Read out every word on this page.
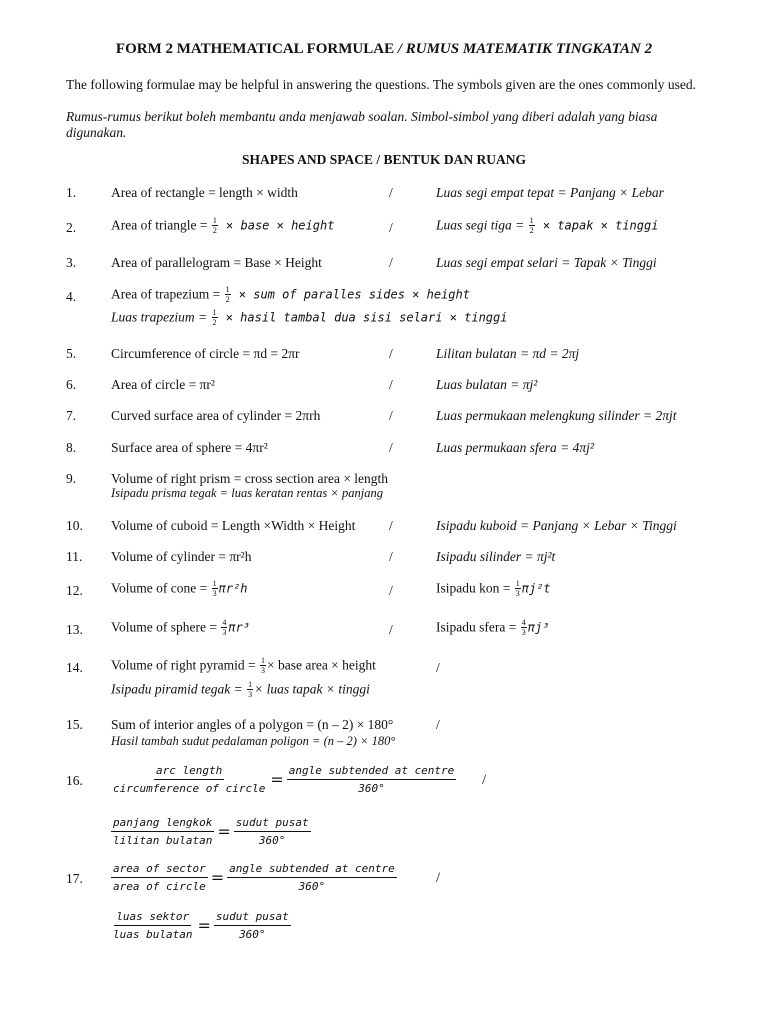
FORM 2 MATHEMATICAL FORMULAE / RUMUS MATEMATIK TINGKATAN 2
The following formulae may be helpful in answering the questions. The symbols given are the ones commonly used.
Rumus-rumus berikut boleh membantu anda menjawab soalan. Simbol-simbol yang diberi adalah yang biasa digunakan.
SHAPES AND SPACE / BENTUK DAN RUANG
1.	Area of rectangle = length × width	/	Luas segi empat tepat = Panjang × Lebar
2.	Area of triangle = $\frac{1}{2}$ × base × height	/	Luas segi tiga = $\frac{1}{2}$ × tapak × tinggi
3.	Area of parallelogram = Base × Height	/	Luas segi empat selari = Tapak × Tinggi
4.	Area of trapezium = $\frac{1}{2}$ × sum of paralles sides × height
Luas trapezium = $\frac{1}{2}$ × hasil tambal dua sisi selari × tinggi
5.	Circumference of circle = πd = 2πr	/	Lilitan bulatan = πd = 2πj
6.	Area of circle = πr²	/	Luas bulatan = πj²
7.	Curved surface area of cylinder = 2πrh	/	Luas permukaan melengkung silinder = 2πjt
8.	Surface area of sphere = 4πr²	/	Luas permukaan sfera = 4πj²
9.	Volume of right prism = cross section area × length
Isipadu prisma tegak = luas keratan rentas × panjang
10. Volume of cuboid = Length ×Width × Height /	Isipadu kuboid = Panjang × Lebar × Tinggi
11. Volume of cylinder = πr²h	/	Isipadu silinder = πj²t
12. Volume of cone = $\frac{1}{3} \pi r^2h$	/	Isipadu kon = $\frac{1}{3} \pi j^2t$
13. Volume of sphere = $\frac{4}{3} \pi r^3$	/	Isipadu sfera = $\frac{4}{3} \pi j^3$
14. Volume of right pyramid = $\frac{1}{3}$ × base area × height	/
Isipadu piramid tegak = $\frac{1}{3}$ × luas tapak × tinggi
15. Sum of interior angles of a polygon = (n – 2) × 180°	/
Hasil tambah sudut pedalaman poligon = (n – 2) × 180°
16.
arc length
circumference of circle = angle subtended at centre
360°
/
panjang lengkok
lilitan bulatan = sudut pusat
360°
17.
area of sector
area of circle = angle subtended at centre
360°
/
luas sektor
luas bulatan = sudut pusat
360°
